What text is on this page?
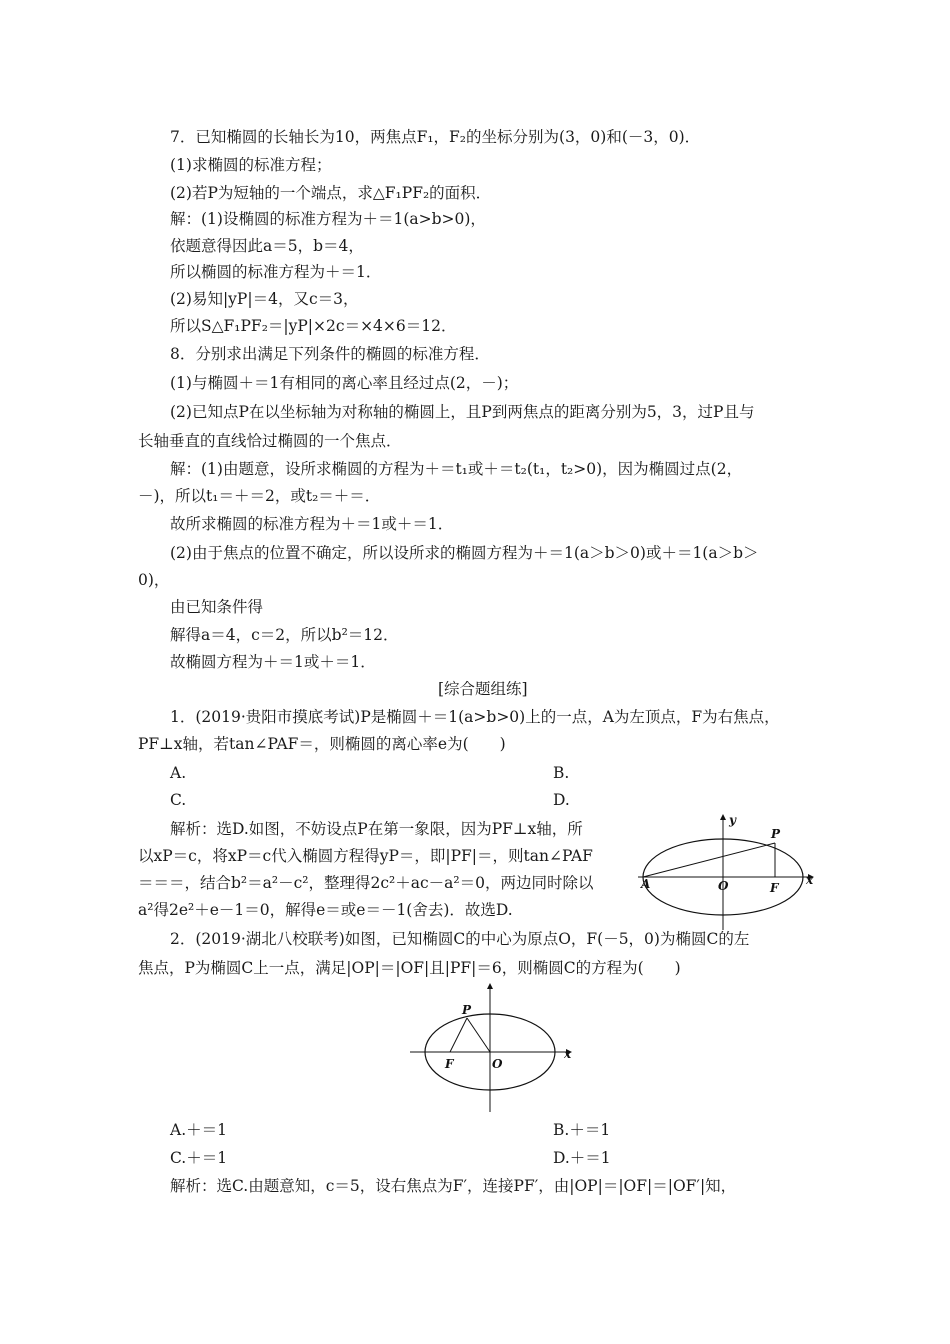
7．已知椭圆的长轴长为10，两焦点F₁，F₂的坐标分别为(3，0)和(－3，0)．
(1)求椭圆的标准方程；
(2)若P为短轴的一个端点，求△F₁PF₂的面积．
解：(1)设椭圆的标准方程为＋＝1(a>b>0)，
依题意得因此a＝5，b＝4，
所以椭圆的标准方程为＋＝1．
(2)易知|yP|＝4，又c＝3，
所以S△F₁PF₂＝|yP|×2c＝×4×6＝12．
8．分别求出满足下列条件的椭圆的标准方程．
(1)与椭圆＋＝1有相同的离心率且经过点(2，－)；
(2)已知点P在以坐标轴为对称轴的椭圆上，且P到两焦点的距离分别为5，3，过P且与
长轴垂直的直线恰过椭圆的一个焦点．
解：(1)由题意，设所求椭圆的方程为＋＝t₁或＋＝t₂(t₁，t₂>0)，因为椭圆过点(2，
－)，所以t₁＝＋＝2，或t₂＝＋＝．
故所求椭圆的标准方程为＋＝1或＋＝1．
(2)由于焦点的位置不确定，所以设所求的椭圆方程为＋＝1(a＞b＞0)或＋＝1(a＞b＞
0)，
由已知条件得
解得a＝4，c＝2，所以b²＝12．
故椭圆方程为＋＝1或＋＝1．
[综合题组练]
1．(2019·贵阳市摸底考试)P是椭圆＋＝1(a>b>0)上的一点，A为左顶点，F为右焦点，
PF⊥x轴，若tan∠PAF＝，则椭圆的离心率e为(　　)
A.	B.
C.	D.
解析：选D.如图，不妨设点P在第一象限，因为PF⊥x轴，所
以xP＝c，将xP＝c代入椭圆方程得yP＝，即|PF|＝，则tan∠PAF
＝＝＝，结合b²＝a²－c²，整理得2c²＋ac－a²＝0，两边同时除以
a²得2e²＋e－1＝0，解得e＝或e＝－1(舍去)．故选D.
y
P
A	O	F
x
2．(2019·湖北八校联考)如图，已知椭圆C的中心为原点O，F(－5，0)为椭圆C的左
焦点，P为椭圆C上一点，满足|OP|＝|OF|且|PF|＝6，则椭圆C的方程为(　　)
P
F	O
x
A.＋＝1	B.＋＝1
C.＋＝1	D.＋＝1
解析：选C.由题意知，c＝5，设右焦点为F′，连接PF′，由|OP|＝|OF|＝|OF′|知，
